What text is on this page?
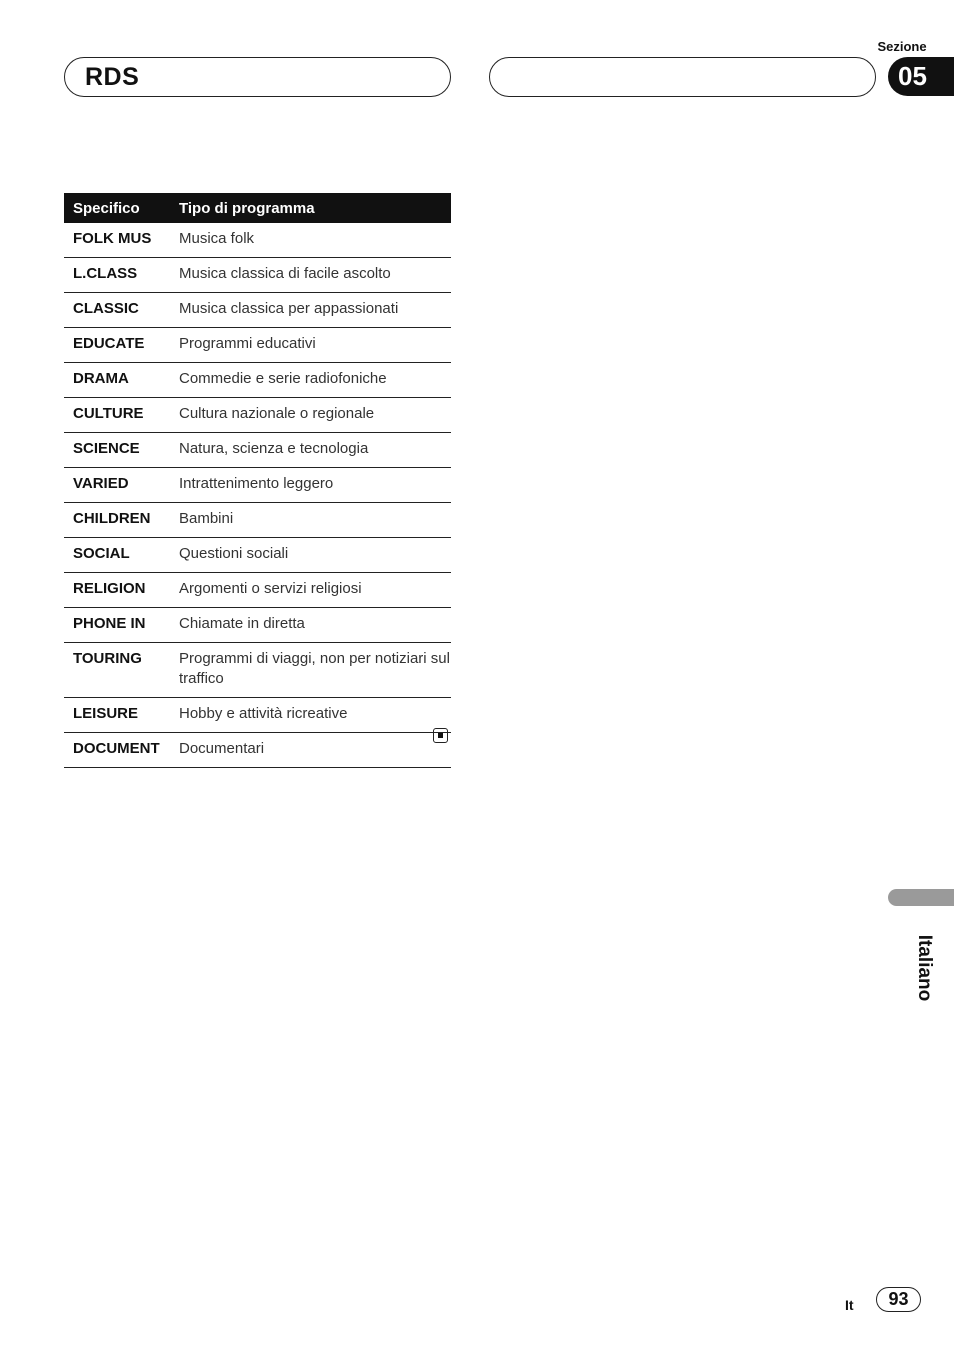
RDS
Sezione
05
Specifico	Tipo di programma
FOLK MUS	Musica folk
L.CLASS	Musica classica di facile ascolto
CLASSIC	Musica classica per appassionati
EDUCATE	Programmi educativi
DRAMA	Commedie e serie radiofoniche
CULTURE	Cultura nazionale o regionale
SCIENCE	Natura, scienza e tecnologia
VARIED	Intrattenimento leggero
CHILDREN	Bambini
SOCIAL	Questioni sociali
RELIGION	Argomenti o servizi religiosi
PHONE IN	Chiamate in diretta
TOURING	Programmi di viaggi, non per notiziari sul traffico
LEISURE	Hobby e attività ricreative
DOCUMENT	Documentari
Italiano
It	93
